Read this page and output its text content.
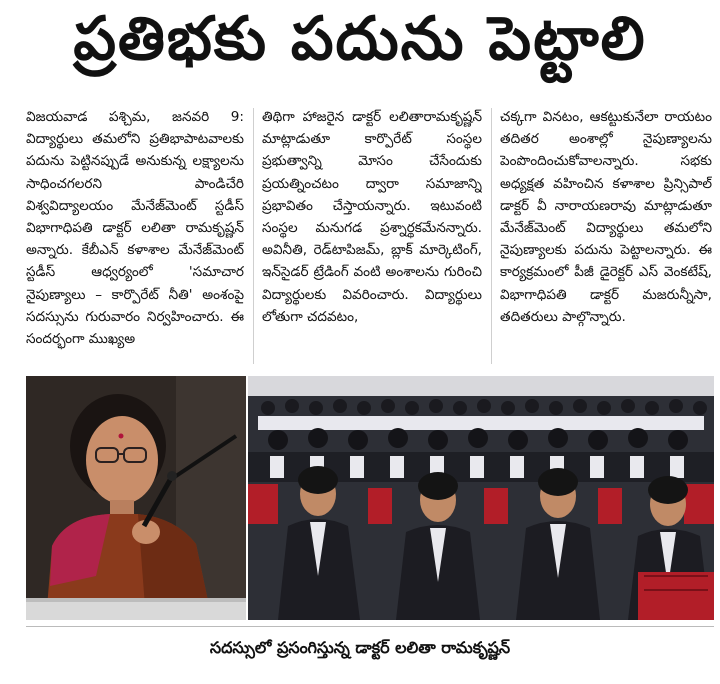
ప్రతిభకు పదును పెట్టాలి

విజయవాడ పశ్చిమ, జనవరి 9: విద్యార్థులు తమలోని ప్రతిభాపాటవాలకు పదును పెట్టినప్పుడే అనుకున్న లక్ష్యాలను సాధించగలరని పాండిచేరి విశ్వవిద్యాలయం మేనేజ్‌మెంట్ స్టడీస్ విభాగాధిపతి డాక్టర్ లలితా రామకృష్ణన్ అన్నారు. కేబీఎన్ కళాశాల మేనేజ్‌మెంట్ స్టడీస్ ఆధ్వర్యంలో 'సమాచార నైపుణ్యాలు – కార్పొరేట్ నీతి' అంశంపై సదస్సును గురువారం నిర్వహించారు. ఈ సందర్భంగా ముఖ్యఅ

తిథిగా హాజరైన డాక్టర్ లలితారామకృష్ణన్ మాట్లాడుతూ కార్పొరేట్ సంస్థల ప్రభుత్వాన్ని మోసం చేసేందుకు ప్రయత్నించటం ద్వారా సమాజాన్ని ప్రభావితం చేస్తాయన్నారు. ఇటువంటి సంస్థల మనుగడ ప్రశ్నార్థకమేనన్నారు. అవినీతి, రెడ్‌టాపిజమ్, బ్లాక్ మార్కెటింగ్, ఇన్‌సైడర్ ట్రేడింగ్ వంటి అంశాలను గురించి విద్యార్థులకు వివరించారు. విద్యార్థులు లోతుగా చదవటం,

చక్కగా వినటం, ఆకట్టుకునేలా రాయటం తదితర అంశాల్లో నైపుణ్యాలను పెంపొందించుకోవాలన్నారు. సభకు అధ్యక్షత వహించిన కళాశాల ప్రిన్సిపాల్ డాక్టర్ వీ నారాయణరావు మాట్లాడుతూ మేనేజ్‌మెంట్ విద్యార్థులు తమలోని నైపుణ్యాలకు పదును పెట్టాలన్నారు. ఈ కార్యక్రమంలో పీజీ డైరెక్టర్ ఎస్ వెంకటేష్, విభాగాధిపతి డాక్టర్ మజరున్నీసా, తదితరులు పాల్గొన్నారు.

సదస్సులో ప్రసంగిస్తున్న డాక్టర్ లలితా రామకృష్ణన్
